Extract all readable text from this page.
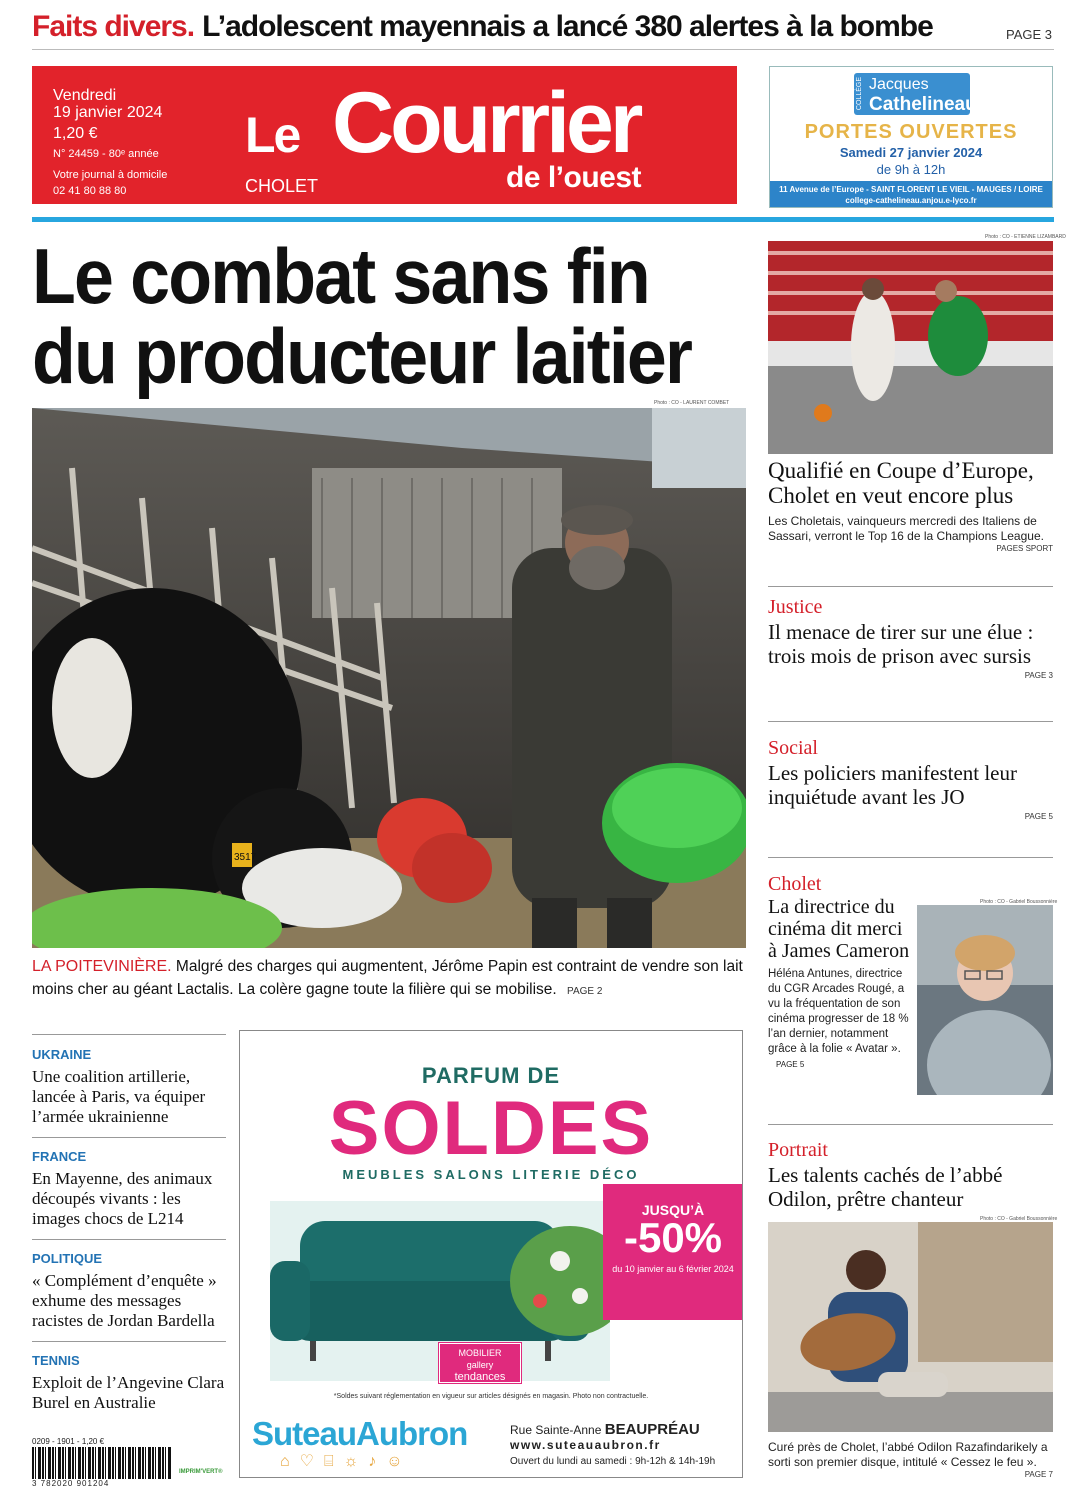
Faits divers. L’adolescent mayennais a lancé 380 alertes à la bombe	PAGE 3
Vendredi
19 janvier 2024
1,20 €
N° 24459 - 80ᵉ année
Votre journal à domicile
02 41 80 88 80
Le Courrier
CHOLET	de l’ouest
COLLÈGE Jacques
Cathelineau
PORTES OUVERTES
Samedi 27 janvier 2024
de 9h à 12h
11 Avenue de l’Europe - SAINT FLORENT LE VIEIL - MAUGES / LOIRE
college-cathelineau.anjou.e-lyco.fr
Le combat sans fin
du producteur laitier
Photo : CO - LAURENT COMBET
3517

LA POITEVINIÈRE. Malgré des charges qui augmentent, Jérôme Papin est contraint de vendre son lait moins cher au géant Lactalis. La colère gagne toute la filière qui se mobilise. PAGE 2

Photo : CO - ETIENNE LIZAMBARD
Qualifié en Coupe d’Europe, Cholet en veut encore plus
Les Choletais, vainqueurs mercredi des Italiens de Sassari, verront le Top 16 de la Champions League.
PAGES SPORT
Justice
Il menace de tirer sur une élue : trois mois de prison avec sursis
PAGE 3
Social
Les policiers manifestent leur inquiétude avant les JO
PAGE 5
Cholet
La directrice du cinéma dit merci à James Cameron
Héléna Antunes, directrice du CGR Arcades Rougé, a vu la fréquentation de son cinéma progresser de 18 % l’an dernier, notamment grâce à la folie « Avatar ». PAGE 5
Photo : CO - Gabriel Boussonnière
Portrait
Les talents cachés de l’abbé Odilon, prêtre chanteur
Photo : CO - Gabriel Boussonnière
Curé près de Cholet, l’abbé Odilon Razafindarikely a sorti son premier disque, intitulé « Cessez le feu ».
PAGE 7
UKRAINE
Une coalition artillerie, lancée à Paris, va équiper l’armée ukrainienne
FRANCE
En Mayenne, des animaux découpés vivants : les images chocs de L214
POLITIQUE
« Complément d’enquête » exhume des messages racistes de Jordan Bardella
TENNIS
Exploit de l’Angevine Clara Burel en Australie
0209 - 1901 - 1,20 €
3 782020 901204
IMPRIM'VERT®
PARFUM DE
SOLDES
MEUBLES SALONS LITERIE DÉCO
JUSQU’À
-50%
du 10 janvier au 6 février 2024
MOBILIER
gallery
tendances
*Soldes suivant réglementation en vigueur sur articles désignés en magasin. Photo non contractuelle.
SuteauAubron
⌂♡⌸☼♪☺
Rue Sainte-Anne BEAUPRÉAU
www.suteauaubron.fr
Ouvert du lundi au samedi : 9h-12h & 14h-19h
